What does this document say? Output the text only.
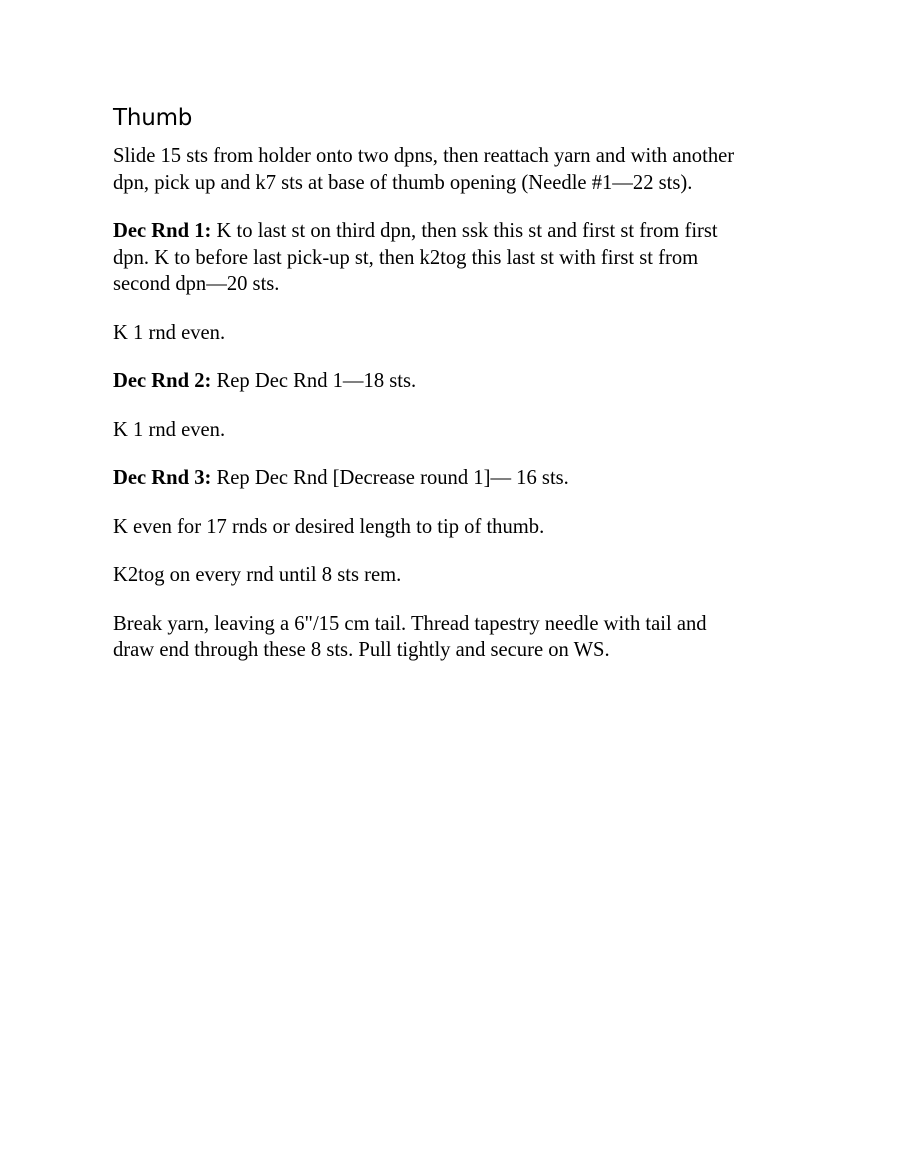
Thumb

Slide 15 sts from holder onto two dpns, then reattach yarn and with another
dpn, pick up and k7 sts at base of thumb opening (Needle #1—22 sts).

Dec Rnd 1: K to last st on third dpn, then ssk this st and first st from first
dpn. K to before last pick-up st, then k2tog this last st with first st from
second dpn—20 sts.

K 1 rnd even.

Dec Rnd 2: Rep Dec Rnd 1—18 sts.

K 1 rnd even.

Dec Rnd 3: Rep Dec Rnd [Decrease round 1]— 16 sts.

K even for 17 rnds or desired length to tip of thumb.

K2tog on every rnd until 8 sts rem.

Break yarn, leaving a 6"/15 cm tail. Thread tapestry needle with tail and
draw end through these 8 sts. Pull tightly and secure on WS.
